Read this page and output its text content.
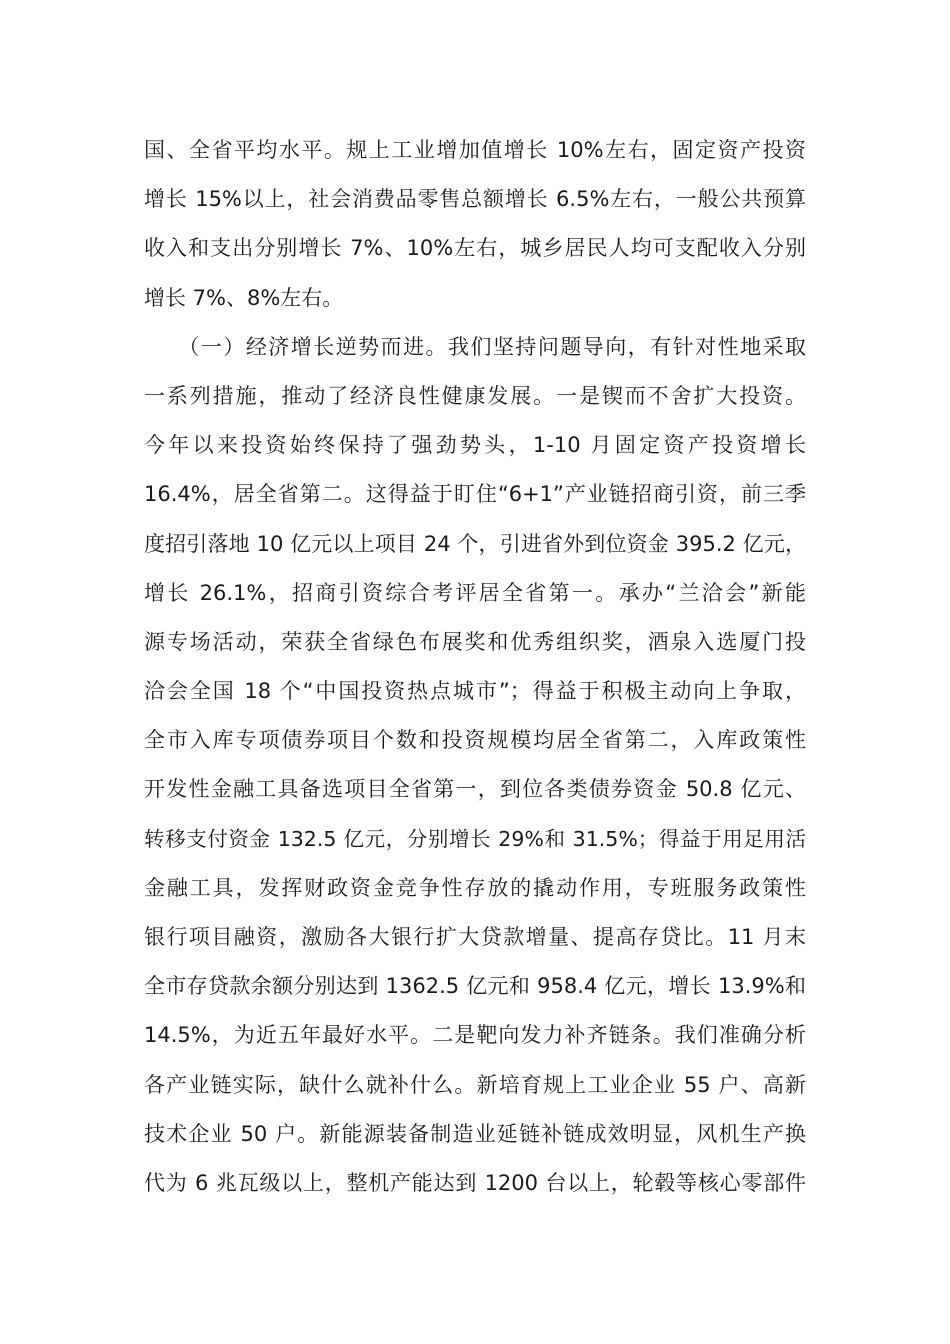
国、全省平均水平。规上工业增加值增长 10%左右，固定资产投资
增长 15%以上，社会消费品零售总额增长 6.5%左右，一般公共预算
收入和支出分别增长 7%、10%左右，城乡居民人均可支配收入分别
增长 7%、8%左右。
　　（一）经济增长逆势而进。我们坚持问题导向，有针对性地采取
一系列措施，推动了经济良性健康发展。一是锲而不舍扩大投资。
今年以来投资始终保持了强劲势头，1-10 月固定资产投资增长
16.4%，居全省第二。这得益于盯住“6+1”产业链招商引资，前三季
度招引落地 10 亿元以上项目 24 个，引进省外到位资金 395.2 亿元，
增长 26.1%，招商引资综合考评居全省第一。承办“兰洽会”新能
源专场活动，荣获全省绿色布展奖和优秀组织奖，酒泉入选厦门投
洽会全国 18 个“中国投资热点城市”；得益于积极主动向上争取，
全市入库专项债券项目个数和投资规模均居全省第二，入库政策性
开发性金融工具备选项目全省第一，到位各类债券资金 50.8 亿元、
转移支付资金 132.5 亿元，分别增长 29%和 31.5%；得益于用足用活
金融工具，发挥财政资金竞争性存放的撬动作用，专班服务政策性
银行项目融资，激励各大银行扩大贷款增量、提高存贷比。11 月末
全市存贷款余额分别达到 1362.5 亿元和 958.4 亿元，增长 13.9%和
14.5%，为近五年最好水平。二是靶向发力补齐链条。我们准确分析
各产业链实际，缺什么就补什么。新培育规上工业企业 55 户、高新
技术企业 50 户。新能源装备制造业延链补链成效明显，风机生产换
代为 6 兆瓦级以上，整机产能达到 1200 台以上，轮毂等核心零部件
